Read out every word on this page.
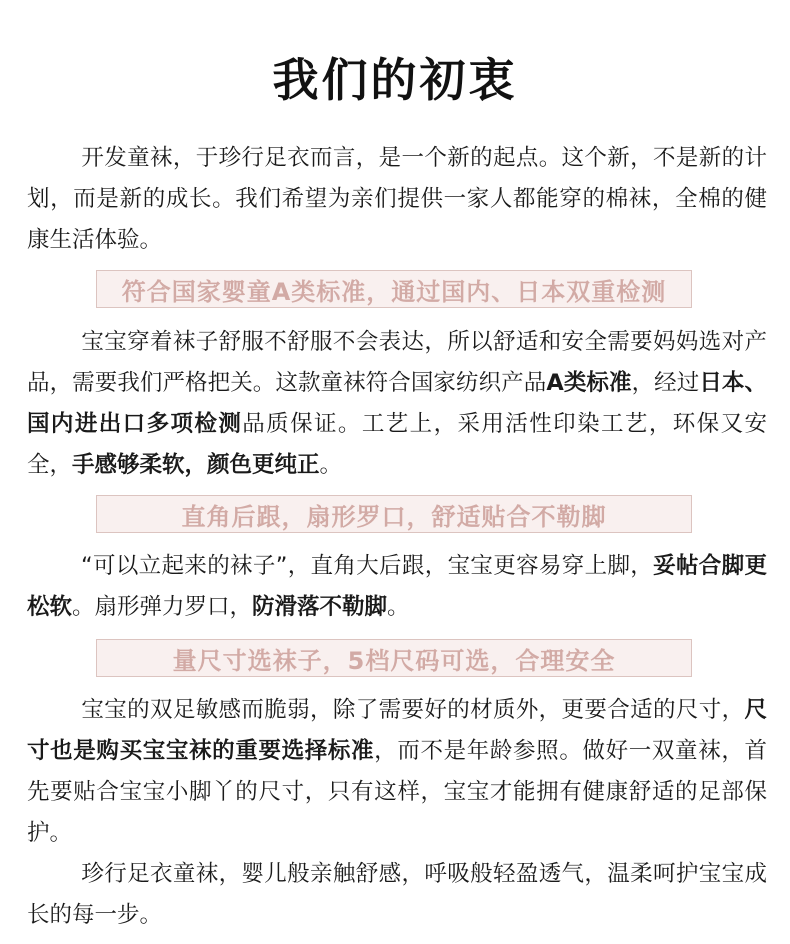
我们的初衷

开发童袜，于珍行足衣而言，是一个新的起点。这个新，不是新的计划，而是新的成长。我们希望为亲们提供一家人都能穿的棉袜，全棉的健康生活体验。

符合国家婴童A类标准，通过国内、日本双重检测

宝宝穿着袜子舒服不舒服不会表达，所以舒适和安全需要妈妈选对产品，需要我们严格把关。这款童袜符合国家纺织产品A类标准，经过日本、国内进出口多项检测品质保证。工艺上，采用活性印染工艺，环保又安全，手感够柔软，颜色更纯正。

直角后跟，扇形罗口，舒适贴合不勒脚

“可以立起来的袜子”，直角大后跟，宝宝更容易穿上脚，妥帖合脚更松软。扇形弹力罗口，防滑落不勒脚。

量尺寸选袜子，5档尺码可选，合理安全

宝宝的双足敏感而脆弱，除了需要好的材质外，更要合适的尺寸，尺寸也是购买宝宝袜的重要选择标准，而不是年龄参照。做好一双童袜，首先要贴合宝宝小脚丫的尺寸，只有这样，宝宝才能拥有健康舒适的足部保护。

珍行足衣童袜，婴儿般亲触舒感，呼吸般轻盈透气，温柔呵护宝宝成长的每一步。
